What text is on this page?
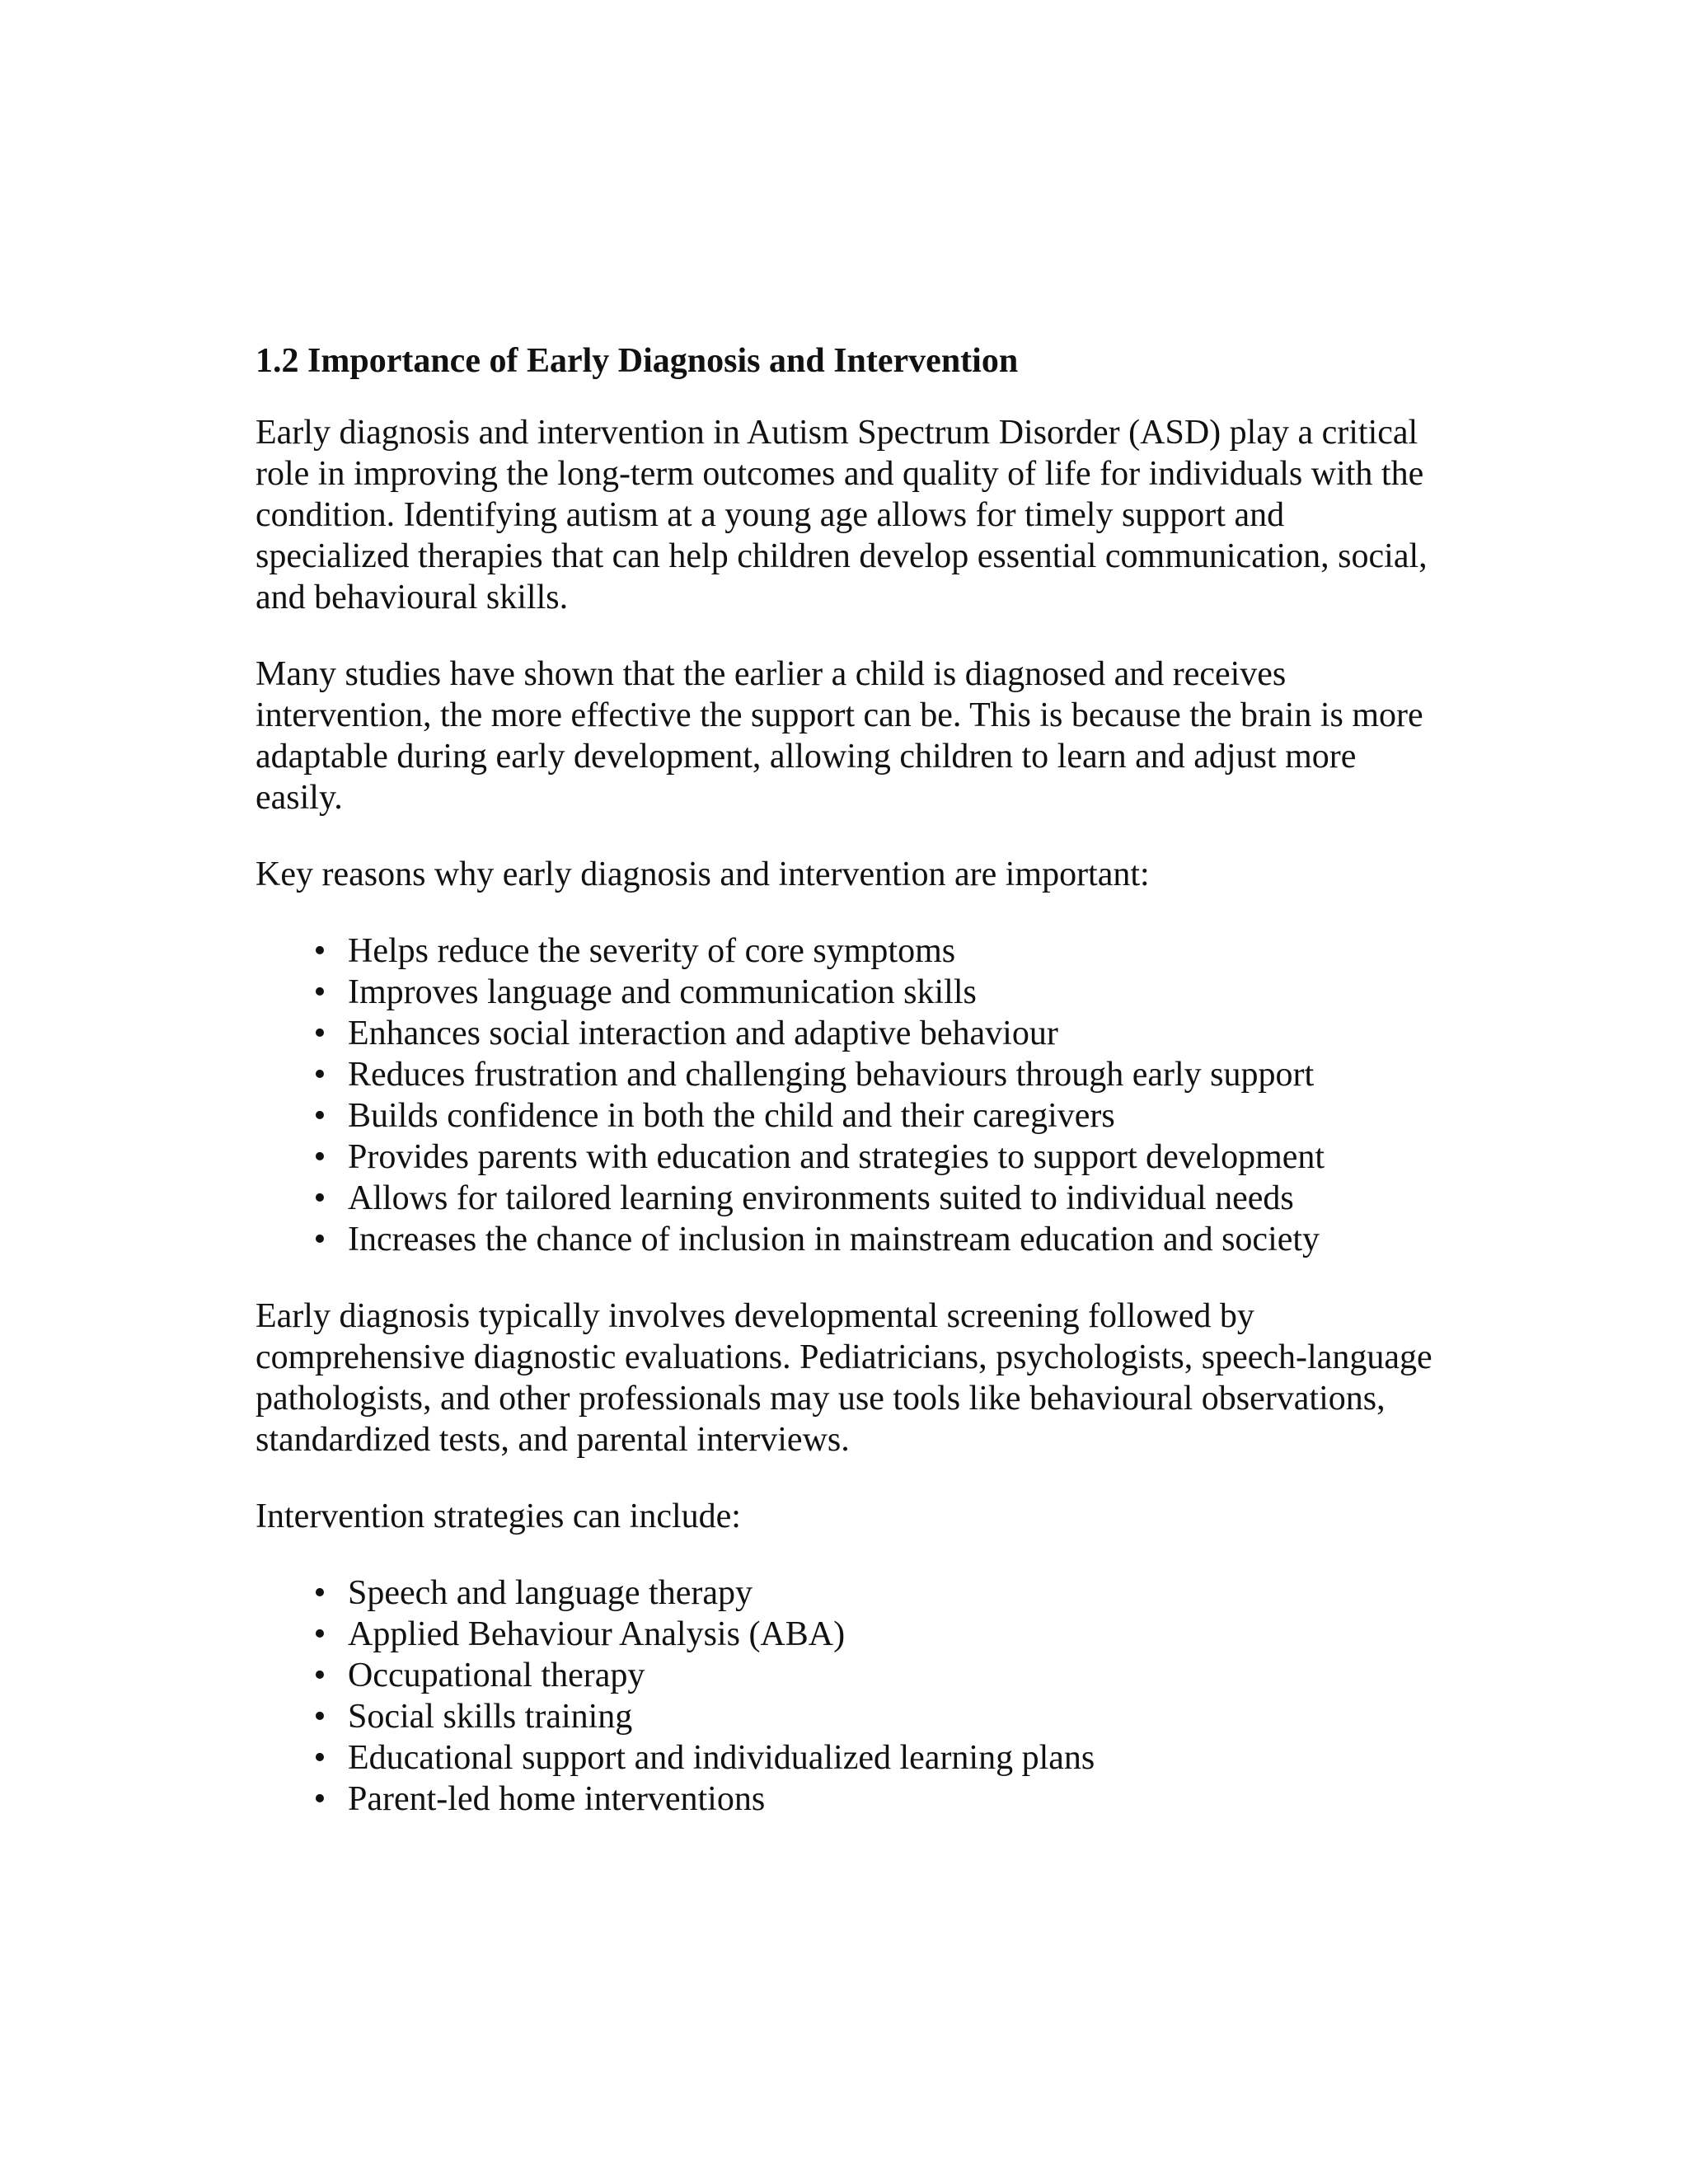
1.2 Importance of Early Diagnosis and Intervention

Early diagnosis and intervention in Autism Spectrum Disorder (ASD) play a critical role in improving the long-term outcomes and quality of life for individuals with the condition. Identifying autism at a young age allows for timely support and specialized therapies that can help children develop essential communication, social, and behavioural skills.

Many studies have shown that the earlier a child is diagnosed and receives intervention, the more effective the support can be. This is because the brain is more adaptable during early development, allowing children to learn and adjust more easily.

Key reasons why early diagnosis and intervention are important:

• Helps reduce the severity of core symptoms
• Improves language and communication skills
• Enhances social interaction and adaptive behaviour
• Reduces frustration and challenging behaviours through early support
• Builds confidence in both the child and their caregivers
• Provides parents with education and strategies to support development
• Allows for tailored learning environments suited to individual needs
• Increases the chance of inclusion in mainstream education and society

Early diagnosis typically involves developmental screening followed by comprehensive diagnostic evaluations. Pediatricians, psychologists, speech-language pathologists, and other professionals may use tools like behavioural observations, standardized tests, and parental interviews.

Intervention strategies can include:

• Speech and language therapy
• Applied Behaviour Analysis (ABA)
• Occupational therapy
• Social skills training
• Educational support and individualized learning plans
• Parent-led home interventions
